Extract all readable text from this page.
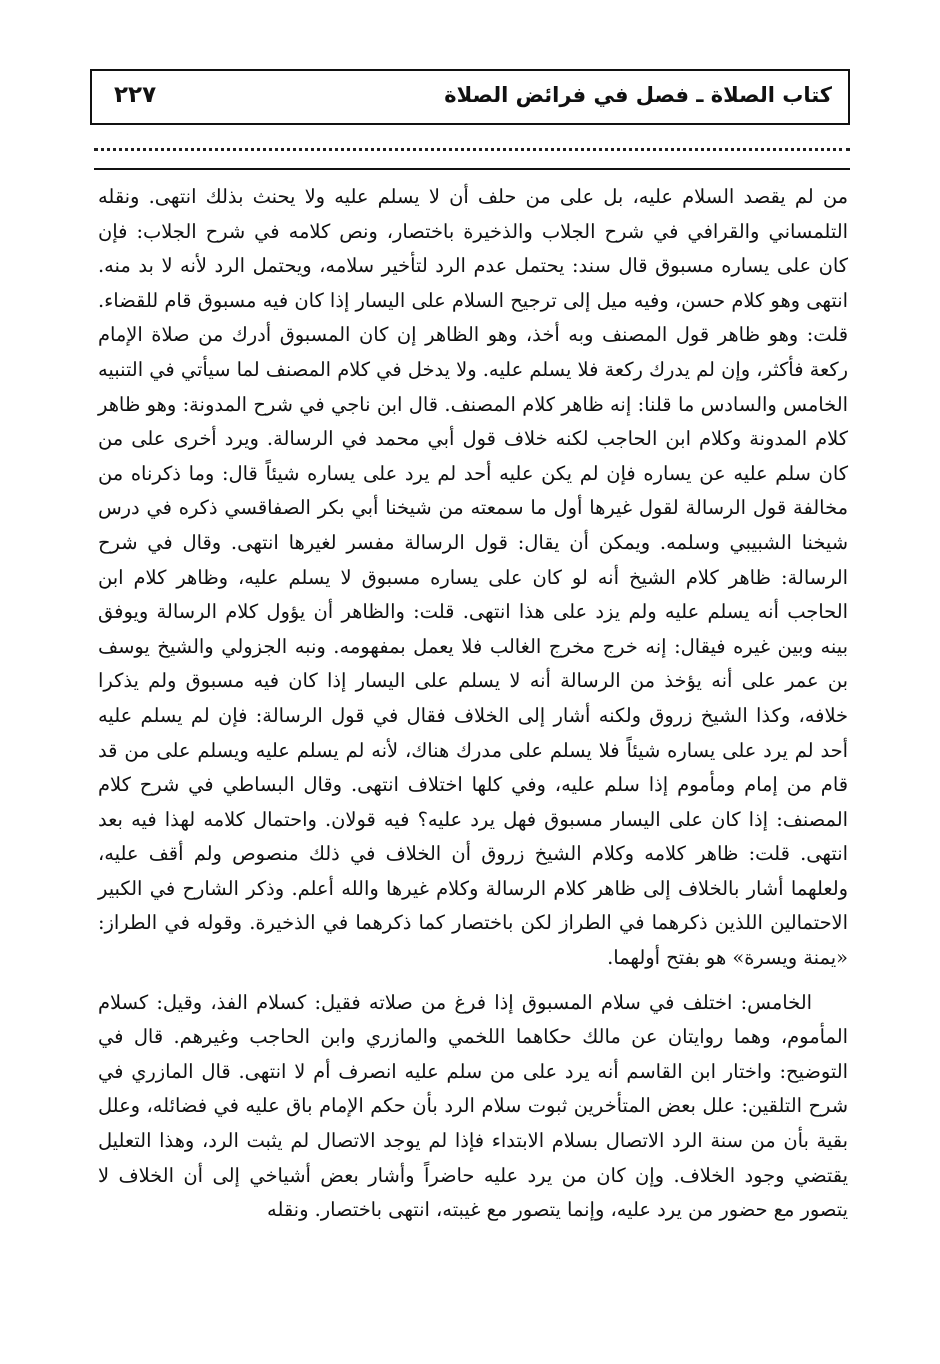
كتاب الصلاة ـ فصل في فرائض الصلاة
٢٢٧

من لم يقصد السلام عليه، بل على من حلف أن لا يسلم عليه ولا يحنث بذلك انتهى. ونقله التلمساني والقرافي في شرح الجلاب والذخيرة باختصار، ونص كلامه في شرح الجلاب: فإن كان على يساره مسبوق قال سند: يحتمل عدم الرد لتأخير سلامه، ويحتمل الرد لأنه لا بد منه. انتهى وهو كلام حسن، وفيه ميل إلى ترجيح السلام على اليسار إذا كان فيه مسبوق قام للقضاء. قلت: وهو ظاهر قول المصنف وبه أخذ، وهو الظاهر إن كان المسبوق أدرك من صلاة الإمام ركعة فأكثر، وإن لم يدرك ركعة فلا يسلم عليه. ولا يدخل في كلام المصنف لما سيأتي في التنبيه الخامس والسادس ما قلنا: إنه ظاهر كلام المصنف. قال ابن ناجي في شرح المدونة: وهو ظاهر كلام المدونة وكلام ابن الحاجب لكنه خلاف قول أبي محمد في الرسالة. ويرد أخرى على من كان سلم عليه عن يساره فإن لم يكن عليه أحد لم يرد على يساره شيئاً قال: وما ذكرناه من مخالفة قول الرسالة لقول غيرها أول ما سمعته من شيخنا أبي بكر الصفاقسي ذكره في درس شيخنا الشبيبي وسلمه. ويمكن أن يقال: قول الرسالة مفسر لغيرها انتهى. وقال في شرح الرسالة: ظاهر كلام الشيخ أنه لو كان على يساره مسبوق لا يسلم عليه، وظاهر كلام ابن الحاجب أنه يسلم عليه ولم يزد على هذا انتهى. قلت: والظاهر أن يؤول كلام الرسالة ويوفق بينه وبين غيره فيقال: إنه خرج مخرج الغالب فلا يعمل بمفهومه. ونبه الجزولي والشيخ يوسف بن عمر على أنه يؤخذ من الرسالة أنه لا يسلم على اليسار إذا كان فيه مسبوق ولم يذكرا خلافه، وكذا الشيخ زروق ولكنه أشار إلى الخلاف فقال في قول الرسالة: فإن لم يسلم عليه أحد لم يرد على يساره شيئاً فلا يسلم على مدرك هناك، لأنه لم يسلم عليه ويسلم على من قد قام من إمام ومأموم إذا سلم عليه، وفي كلها اختلاف انتهى. وقال البساطي في شرح كلام المصنف: إذا كان على اليسار مسبوق فهل يرد عليه؟ فيه قولان. واحتمال كلامه لهذا فيه بعد انتهى. قلت: ظاهر كلامه وكلام الشيخ زروق أن الخلاف في ذلك منصوص ولم أقف عليه، ولعلهما أشار بالخلاف إلى ظاهر كلام الرسالة وكلام غيرها والله أعلم. وذكر الشارح في الكبير الاحتمالين اللذين ذكرهما في الطراز لكن باختصار كما ذكرهما في الذخيرة. وقوله في الطراز: «يمنة ويسرة» هو بفتح أولهما.

الخامس: اختلف في سلام المسبوق إذا فرغ من صلاته فقيل: كسلام الفذ، وقيل: كسلام المأموم، وهما روايتان عن مالك حكاهما اللخمي والمازري وابن الحاجب وغيرهم. قال في التوضيح: واختار ابن القاسم أنه يرد على من سلم عليه انصرف أم لا انتهى. قال المازري في شرح التلقين: علل بعض المتأخرين ثبوت سلام الرد بأن حكم الإمام باق عليه في فضائله، وعلل بقية بأن من سنة الرد الاتصال بسلام الابتداء فإذا لم يوجد الاتصال لم يثبت الرد، وهذا التعليل يقتضي وجود الخلاف. وإن كان من يرد عليه حاضراً وأشار بعض أشياخي إلى أن الخلاف لا يتصور مع حضور من يرد عليه، وإنما يتصور مع غيبته، انتهى باختصار. ونقله
